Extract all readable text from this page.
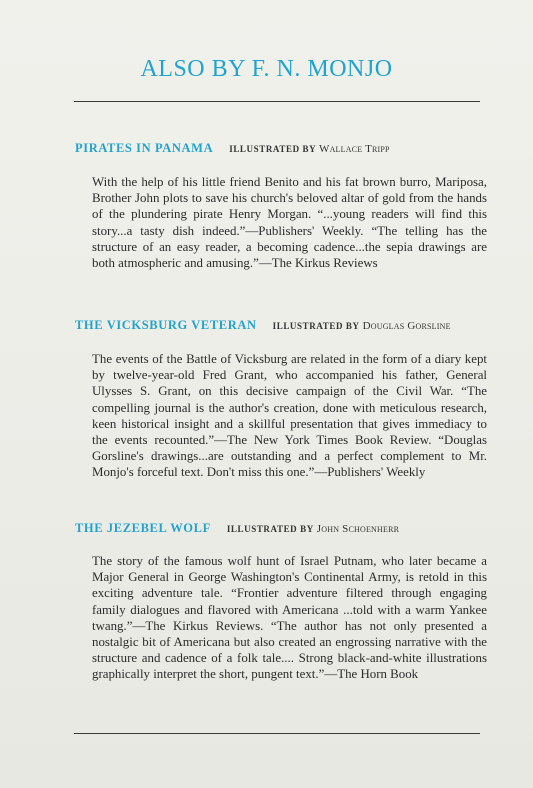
ALSO BY F. N. MONJO
PIRATES IN PANAMA ILLUSTRATED BY Wallace Tripp
With the help of his little friend Benito and his fat brown burro, Mariposa, Brother John plots to save his church's beloved altar of gold from the hands of the plundering pirate Henry Morgan. “...young readers will find this story...a tasty dish indeed.”—Publishers' Weekly. “The telling has the structure of an easy reader, a becoming cadence...the sepia drawings are both atmospheric and amusing.”—The Kirkus Reviews
THE VICKSBURG VETERAN ILLUSTRATED BY Douglas Gorsline
The events of the Battle of Vicksburg are related in the form of a diary kept by twelve-year-old Fred Grant, who accompanied his father, General Ulysses S. Grant, on this decisive campaign of the Civil War. “The compelling journal is the author's creation, done with meticulous research, keen historical insight and a skillful presentation that gives immediacy to the events recounted.”—The New York Times Book Review. “Douglas Gorsline's drawings...are outstanding and a perfect complement to Mr. Monjo's forceful text. Don't miss this one.”—Publishers' Weekly
THE JEZEBEL WOLF ILLUSTRATED BY John Schoenherr
The story of the famous wolf hunt of Israel Putnam, who later became a Major General in George Washington's Continental Army, is retold in this exciting adventure tale. “Frontier adventure filtered through engaging family dialogues and flavored with Americana ...told with a warm Yankee twang.”—The Kirkus Reviews. “The author has not only presented a nostalgic bit of Americana but also created an engrossing narrative with the structure and cadence of a folk tale.... Strong black-and-white illustrations graphically interpret the short, pungent text.”—The Horn Book
